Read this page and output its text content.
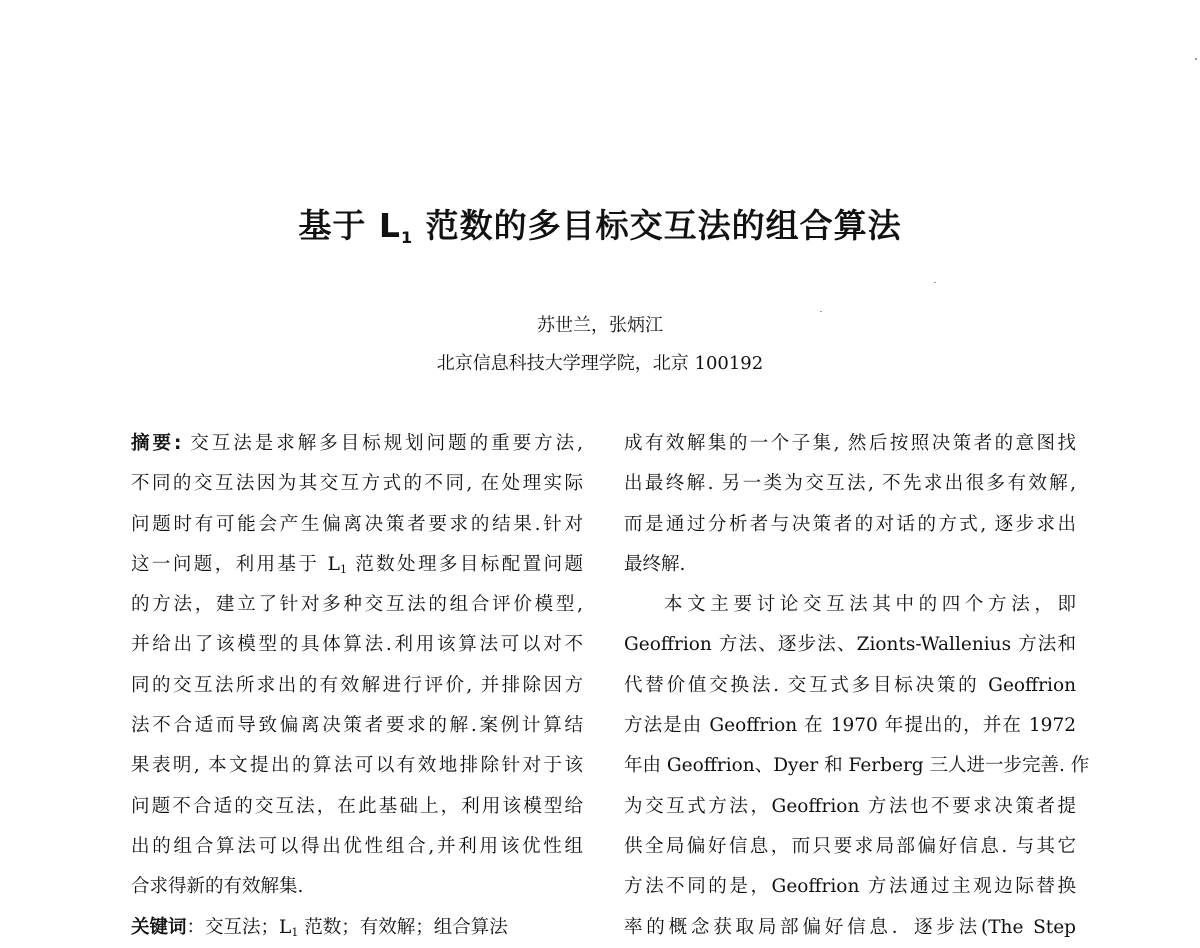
基于 $L_1$ 范数的多目标交互法的组合算法
苏世兰，张炳江
北京信息科技大学理学院，北京 100192
摘要: 交互法是求解多目标规划问题的重要方法,
不同的交互法因为其交互方式的不同, 在处理实际
问题时有可能会产生偏离决策者要求的结果.针对
这一问题，利用基于 $L_1$ 范数处理多目标配置问题
的方法，建立了针对多种交互法的组合评价模型,
并给出了该模型的具体算法.利用该算法可以对不
同的交互法所求出的有效解进行评价, 并排除因方
法不合适而导致偏离决策者要求的解.案例计算结
果表明, 本文提出的算法可以有效地排除针对于该
问题不合适的交互法，在此基础上，利用该模型给
出的组合算法可以得出优性组合,并利用该优性组
合求得新的有效解集.
关键词：交互法；$L_1$ 范数；有效解；组合算法
成有效解集的一个子集, 然后按照决策者的意图找
出最终解. 另一类为交互法, 不先求出很多有效解,
而是通过分析者与决策者的对话的方式, 逐步求出
最终解.
本文主要讨论交互法其中的四个方法，即
Geoffrion 方法、逐步法、Zionts-Wallenius 方法和
代替价值交换法. 交互式多目标决策的 Geoffrion
方法是由 Geoffrion 在 1970 年提出的，并在 1972
年由 Geoffrion、Dyer 和 Ferberg 三人进一步完善. 作
为交互式方法，Geoffrion 方法也不要求决策者提
供全局偏好信息，而只要求局部偏好信息. 与其它
方法不同的是，Geoffrion 方法通过主观边际替换
率的概念获取局部偏好信息．逐步法(The Step
